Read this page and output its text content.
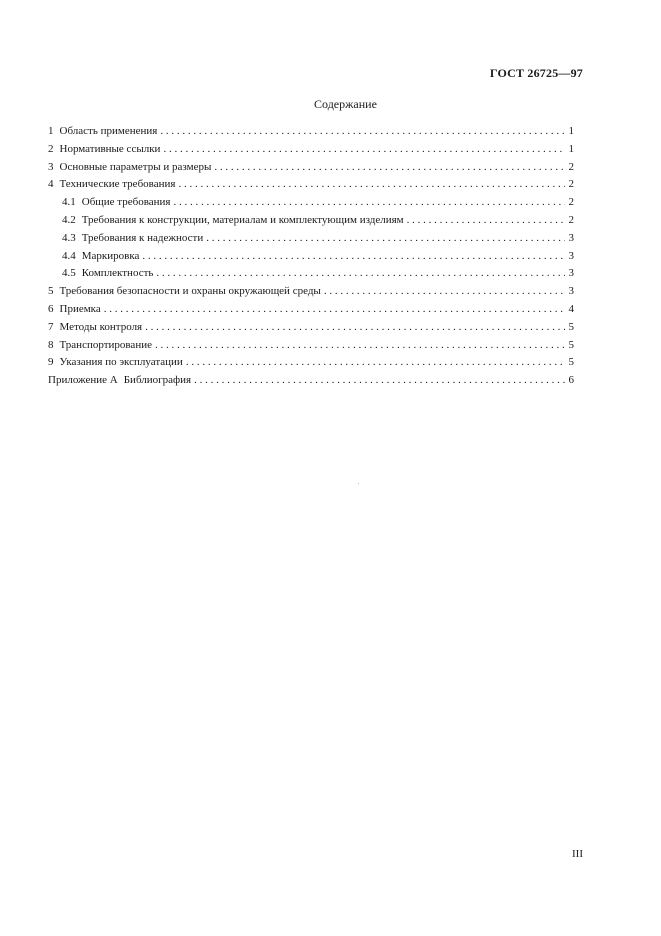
ГОСТ 26725—97
Содержание
1 Область применения . . .	1
2 Нормативные ссылки . . .	1
3 Основные параметры и размеры . . .	2
4 Технические требования . . .	2
4.1 Общие требования . . .	2
4.2 Требования к конструкции, материалам и комплектующим изделиям . . .	2
4.3 Требования к надежности . . .	3
4.4 Маркировка . . .	3
4.5 Комплектность . . .	3
5 Требования безопасности и охраны окружающей среды . . .	3
6 Приемка . . .	4
7 Методы контроля . . .	5
8 Транспортирование . . .	5
9 Указания по эксплуатации . . .	5
Приложение А Библиография . . .	6
III
